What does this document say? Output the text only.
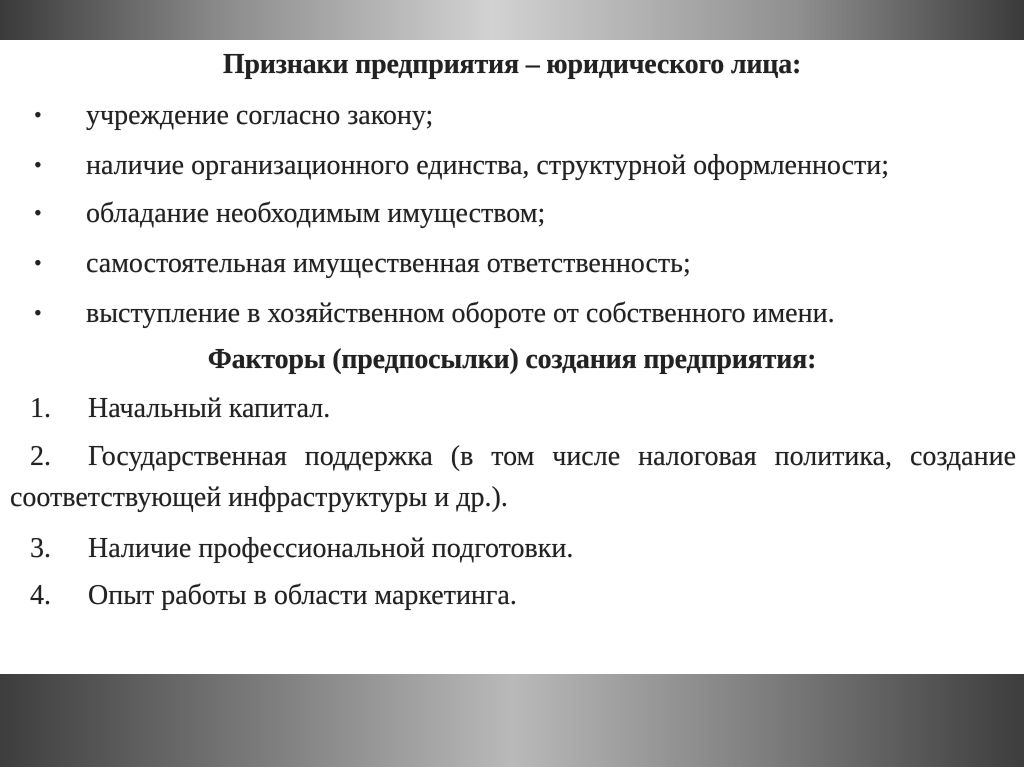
Признаки предприятия – юридического лица:
• учреждение согласно закону;
• наличие организационного единства, структурной оформленности;
• обладание необходимым имуществом;
• самостоятельная имущественная ответственность;
• выступление в хозяйственном обороте от собственного имени.
Факторы (предпосылки) создания предприятия:
1. Начальный капитал.
2. Государственная поддержка (в том числе налоговая политика, создание
соответствующей инфраструктуры и др.).
3. Наличие профессиональной подготовки.
4. Опыт работы в области маркетинга.
